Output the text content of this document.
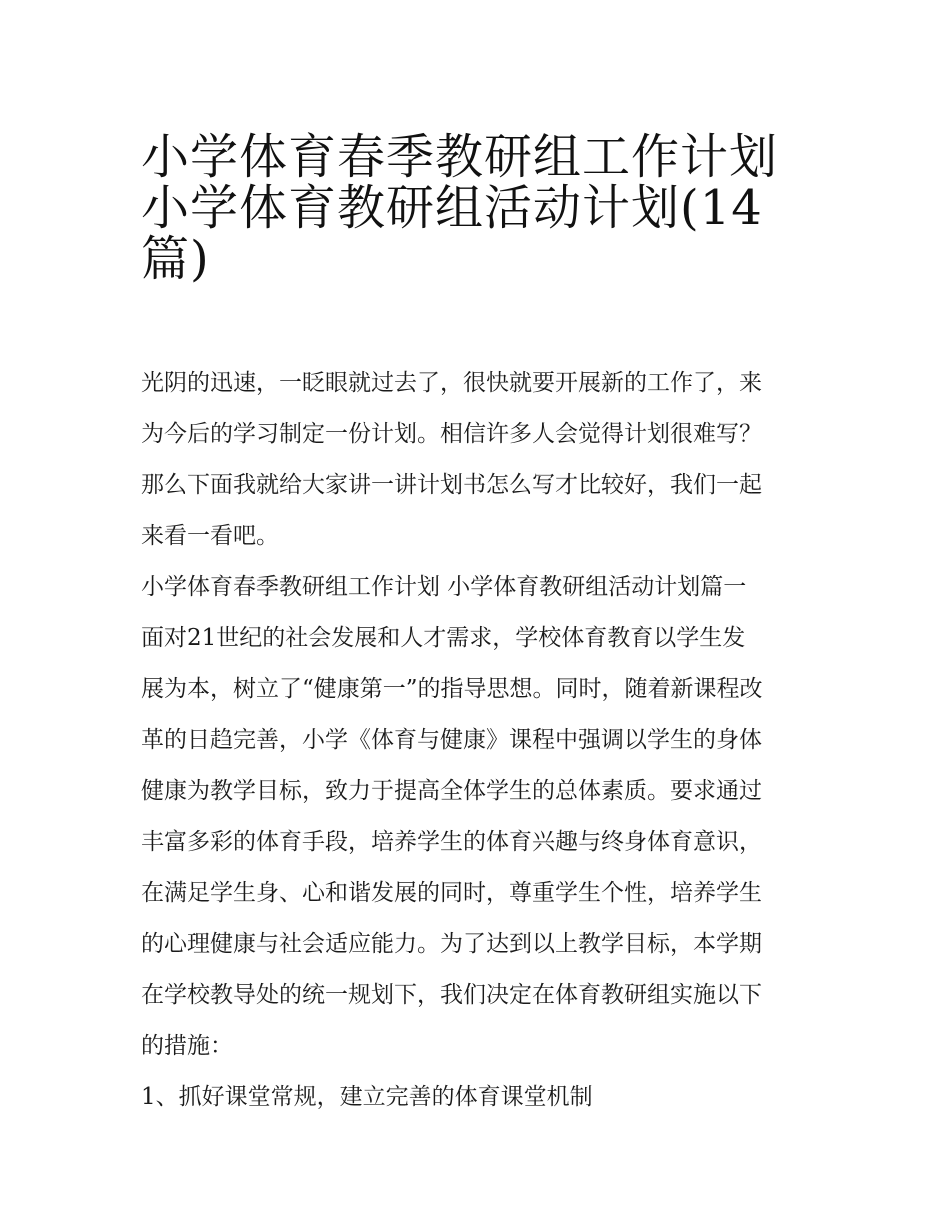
小学体育春季教研组工作计划
小学体育教研组活动计划(14
篇)
光阴的迅速，一眨眼就过去了，很快就要开展新的工作了，来
为今后的学习制定一份计划。相信许多人会觉得计划很难写？
那么下面我就给大家讲一讲计划书怎么写才比较好，我们一起
来看一看吧。
小学体育春季教研组工作计划 小学体育教研组活动计划篇一
面对21世纪的社会发展和人才需求，学校体育教育以学生发
展为本，树立了“健康第一”的指导思想。同时，随着新课程改
革的日趋完善，小学《体育与健康》课程中强调以学生的身体
健康为教学目标，致力于提高全体学生的总体素质。要求通过
丰富多彩的体育手段，培养学生的体育兴趣与终身体育意识，
在满足学生身、心和谐发展的同时，尊重学生个性，培养学生
的心理健康与社会适应能力。为了达到以上教学目标，本学期
在学校教导处的统一规划下，我们决定在体育教研组实施以下
的措施：
1、抓好课堂常规，建立完善的体育课堂机制
